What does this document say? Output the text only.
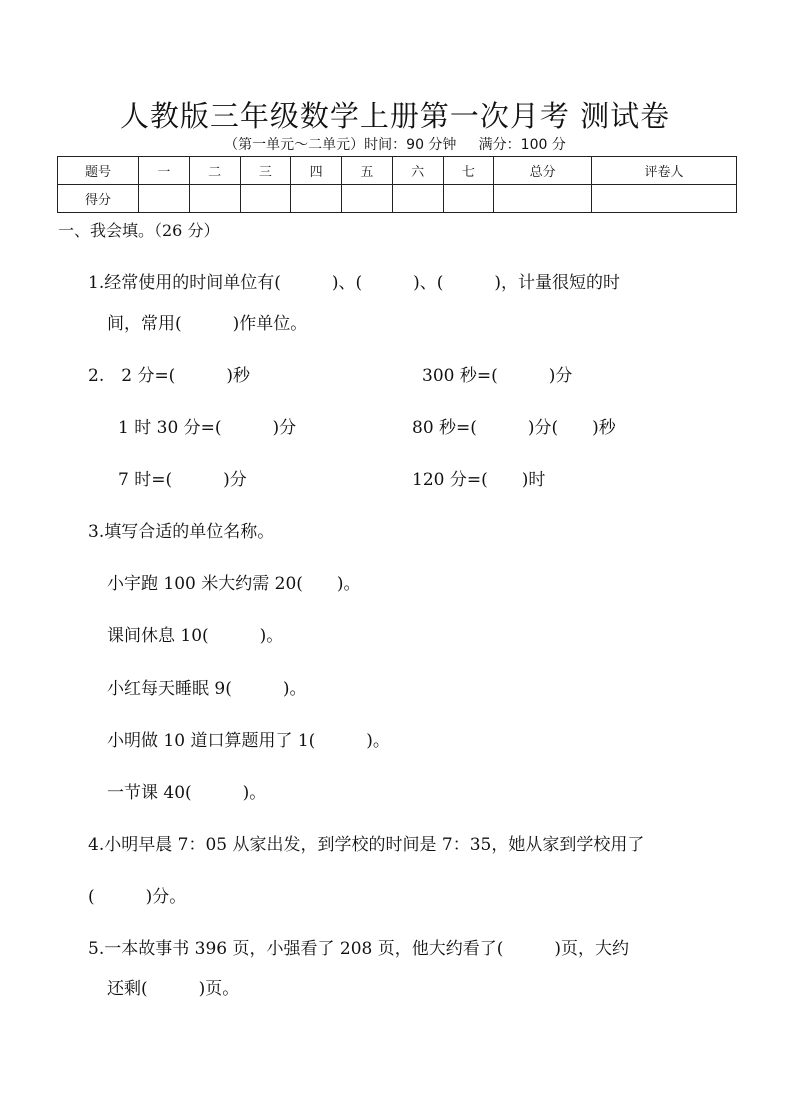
人教版三年级数学上册第一次月考 测试卷
（第一单元～二单元）时间：90 分钟     满分：100 分
题号	一	二	三	四	五	六	七	总分	评卷人
得分									
一、我会填。（26 分）
1.经常使用的时间单位有(　　　)、(　　　)、(　　　)，计量很短的时
间，常用(　　　)作单位。
2.　2 分=(　　　)秒	300 秒=(　　　)分
1 时 30 分=(　　　)分	80 秒=(　　　)分(　　)秒
7 时=(　　　)分	120 分=(　　)时
3.填写合适的单位名称。
小宇跑 100 米大约需 20(　　)。
课间休息 10(　　　)。
小红每天睡眠 9(　　　)。
小明做 10 道口算题用了 1(　　　)。
一节课 40(　　　)。
4.小明早晨 7：05 从家出发，到学校的时间是 7：35，她从家到学校用了
(　　　)分。
5.一本故事书 396 页，小强看了 208 页，他大约看了(　　　)页，大约
还剩(　　　)页。
